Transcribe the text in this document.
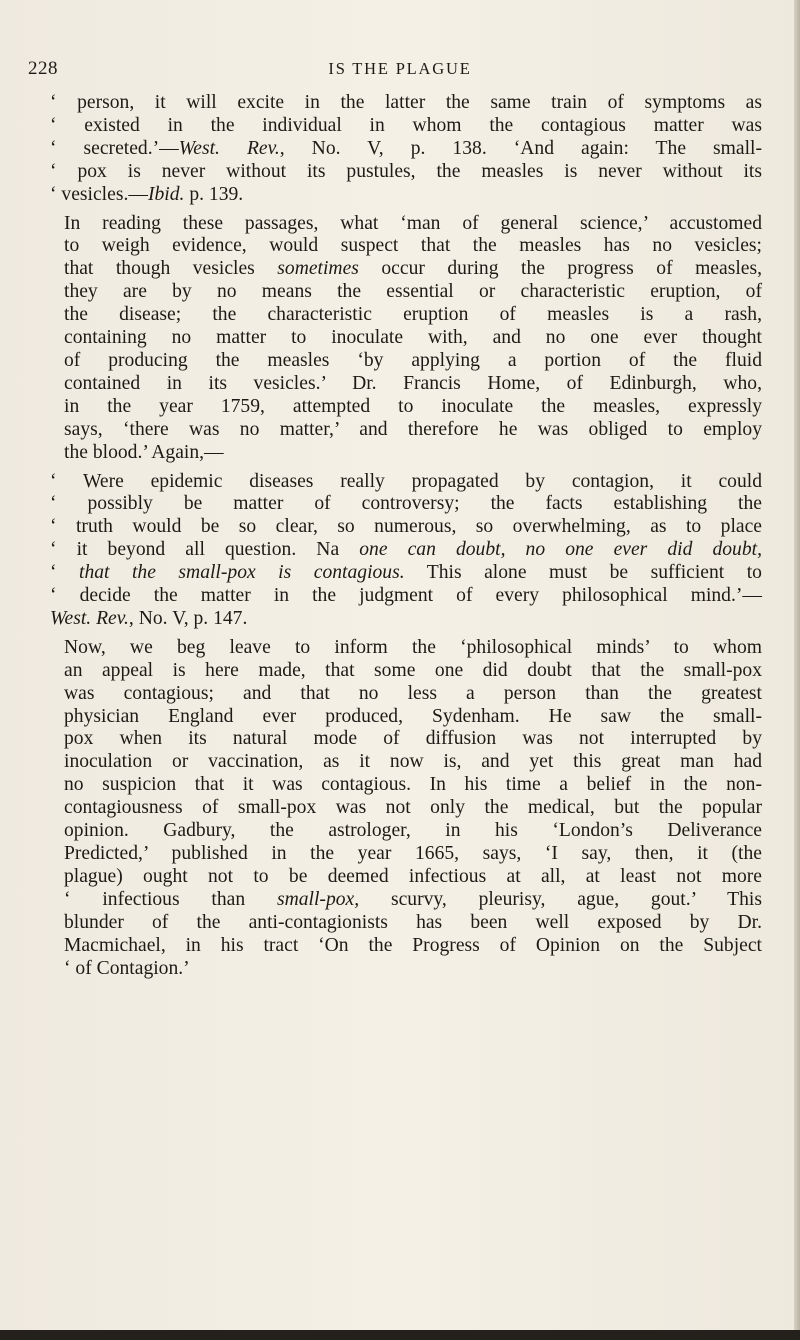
228	IS THE PLAGUE

‘ person, it will excite in the latter the same train of symptoms as
‘ existed in the individual in whom the contagious matter was
‘ secreted.’—West. Rev., No. V, p. 138. ‘And again: The small-
‘ pox is never without its pustules, the measles is never without its
‘ vesicles.—Ibid. p. 139.

In reading these passages, what ‘man of general science,’ accustomed
to weigh evidence, would suspect that the measles has no vesicles;
that though vesicles sometimes occur during the progress of measles,
they are by no means the essential or characteristic eruption, of
the disease; the characteristic eruption of measles is a rash,
containing no matter to inoculate with, and no one ever thought
of producing the measles ‘by applying a portion of the fluid
contained in its vesicles.’ Dr. Francis Home, of Edinburgh, who,
in the year 1759, attempted to inoculate the measles, expressly
says, ‘there was no matter,’ and therefore he was obliged to employ
the blood.’ Again,—

‘ Were epidemic diseases really propagated by contagion, it could
‘ possibly be matter of controversy; the facts establishing the
‘ truth would be so clear, so numerous, so overwhelming, as to place
‘ it beyond all question. Na one can doubt, no one ever did doubt,
‘ that the small-pox is contagious. This alone must be sufficient to
‘ decide the matter in the judgment of every philosophical mind.’—
West. Rev., No. V, p. 147.

Now, we beg leave to inform the ‘philosophical minds’ to whom
an appeal is here made, that some one did doubt that the small-pox
was contagious; and that no less a person than the greatest
physician England ever produced, Sydenham. He saw the small-
pox when its natural mode of diffusion was not interrupted by
inoculation or vaccination, as it now is, and yet this great man had
no suspicion that it was contagious. In his time a belief in the non-
contagiousness of small-pox was not only the medical, but the popular
opinion. Gadbury, the astrologer, in his ‘London’s Deliverance
Predicted,’ published in the year 1665, says, ‘I say, then, it (the
plague) ought not to be deemed infectious at all, at least not more
‘ infectious than small-pox, scurvy, pleurisy, ague, gout.’ This
blunder of the anti-contagionists has been well exposed by Dr.
Macmichael, in his tract ‘On the Progress of Opinion on the Subject
‘ of Contagion.’
